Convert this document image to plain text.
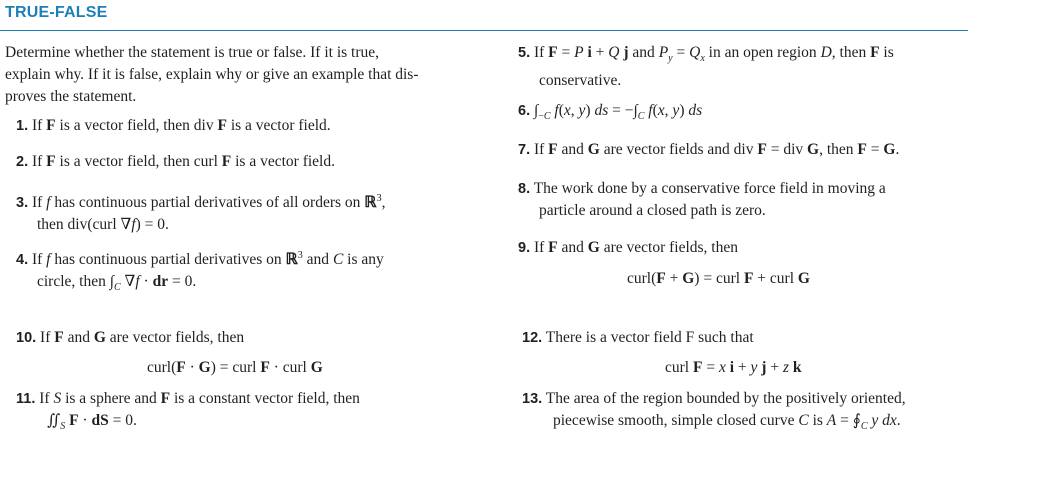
TRUE-FALSE
Determine whether the statement is true or false. If it is true,
explain why. If it is false, explain why or give an example that dis-
proves the statement.
1. If F is a vector field, then div F is a vector field.
2. If F is a vector field, then curl F is a vector field.
3. If f has continuous partial derivatives of all orders on ℝ$^3$,
then div(curl ∇f) = 0.
4. If f has continuous partial derivatives on ℝ$^3$ and C is any
circle, then $\int_C$ ∇f · dr = 0.
5. If F = P i + Q j and $P_y = Q_x$ in an open region D, then F is
conservative.
6. $\int_{-C}$ f(x, y) ds = $-\int_C$ f(x, y) ds
7. If F and G are vector fields and div F = div G, then F = G.
8. The work done by a conservative force field in moving a
particle around a closed path is zero.
9. If F and G are vector fields, then
curl(F + G) = curl F + curl G
10. If F and G are vector fields, then
curl(F · G) = curl F · curl G
11. If S is a sphere and F is a constant vector field, then
$∬_S$ F · dS = 0.
12. There is a vector field F such that
curl F = x i + y j + z k
13. The area of the region bounded by the positively oriented,
piecewise smooth, simple closed curve C is $A = ∮_C$ y dx.
